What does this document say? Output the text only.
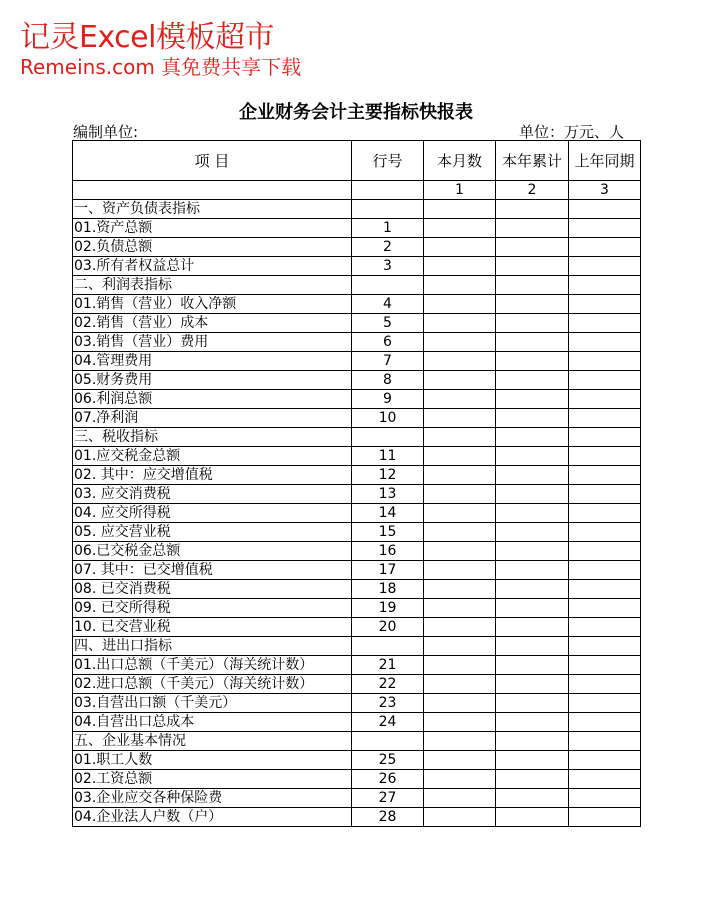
记灵Excel模板超市
Remeins.com 真免费共享下载
企业财务会计主要指标快报表
编制单位:	单位：万元、人
项 目	行号	本月数	本年累计	上年同期
		1	2	3
一、资产负债表指标				
01.资产总额	1			
02.负债总额	2			
03.所有者权益总计	3			
二、利润表指标				
01.销售（营业）收入净额	4			
02.销售（营业）成本	5			
03.销售（营业）费用	6			
04.管理费用	7			
05.财务费用	8			
06.利润总额	9			
07.净利润	10			
三、税收指标				
01.应交税金总额	11			
02. 其中：应交增值税	12			
03. 应交消费税	13			
04. 应交所得税	14			
05. 应交营业税	15			
06.已交税金总额	16			
07. 其中：已交增值税	17			
08. 已交消费税	18			
09. 已交所得税	19			
10. 已交营业税	20			
四、进出口指标				
01.出口总额（千美元）（海关统计数）	21			
02.进口总额（千美元）（海关统计数）	22			
03.自营出口额（千美元）	23			
04.自营出口总成本	24			
五、企业基本情况				
01.职工人数	25			
02.工资总额	26			
03.企业应交各种保险费	27			
04.企业法人户数（户）	28			
